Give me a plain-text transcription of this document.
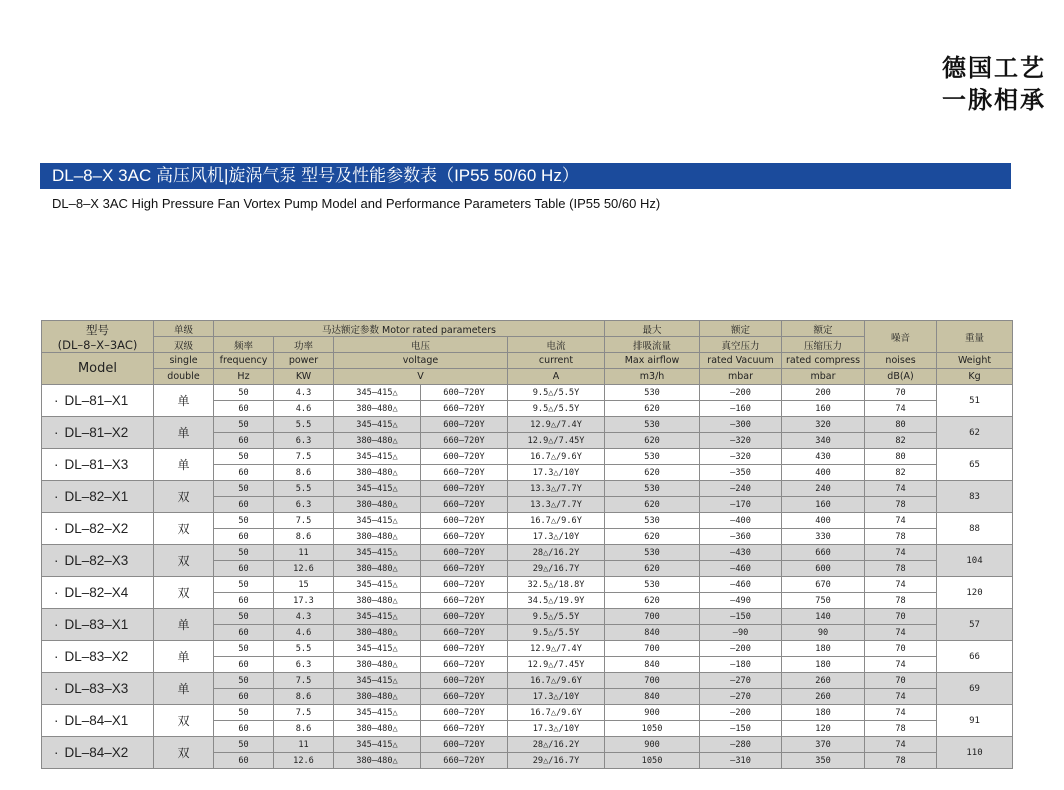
德国工艺
一脉相承
DL–8–X 3AC 高压风机|旋涡气泵 型号及性能参数表（IP55 50/60 Hz）
DL–8–X 3AC High Pressure Fan Vortex Pump Model and Performance Parameters Table (IP55 50/60 Hz)
型号
(DL–8–X–3AC)	单级	马达额定参数 Motor rated parameters					最大	额定	额定	噪音	重量
	双级	频率	功率	电压		电流	排吸流量	真空压力	压缩压力		
Model	single	frequency	power	voltage		current	Max airflow	rated Vacuum	rated compress	noises	Weight
	double	Hz	KW	V		A	m3/h	mbar	mbar	dB(A)	Kg
· DL–81–X1	单	50	4.3	345–415△	600–720Y	9.5△/5.5Y	530	–200	200	70	51
		60	4.6	380–480△	660–720Y	9.5△/5.5Y	620	–160	160	74	
· DL–81–X2	单	50	5.5	345–415△	600–720Y	12.9△/7.4Y	530	–300	320	80	62
		60	6.3	380–480△	660–720Y	12.9△/7.45Y	620	–320	340	82	
· DL–81–X3	单	50	7.5	345–415△	600–720Y	16.7△/9.6Y	530	–320	430	80	65
		60	8.6	380–480△	660–720Y	17.3△/10Y	620	–350	400	82	
· DL–82–X1	双	50	5.5	345–415△	600–720Y	13.3△/7.7Y	530	–240	240	74	83
		60	6.3	380–480△	660–720Y	13.3△/7.7Y	620	–170	160	78	
· DL–82–X2	双	50	7.5	345–415△	600–720Y	16.7△/9.6Y	530	–400	400	74	88
		60	8.6	380–480△	660–720Y	17.3△/10Y	620	–360	330	78	
· DL–82–X3	双	50	11	345–415△	600–720Y	28△/16.2Y	530	–430	660	74	104
		60	12.6	380–480△	660–720Y	29△/16.7Y	620	–460	600	78	
· DL–82–X4	双	50	15	345–415△	600–720Y	32.5△/18.8Y	530	–460	670	74	120
		60	17.3	380–480△	660–720Y	34.5△/19.9Y	620	–490	750	78	
· DL–83–X1	单	50	4.3	345–415△	600–720Y	9.5△/5.5Y	700	–150	140	70	57
		60	4.6	380–480△	660–720Y	9.5△/5.5Y	840	–90	90	74	
· DL–83–X2	单	50	5.5	345–415△	600–720Y	12.9△/7.4Y	700	–200	180	70	66
		60	6.3	380–480△	660–720Y	12.9△/7.45Y	840	–180	180	74	
· DL–83–X3	单	50	7.5	345–415△	600–720Y	16.7△/9.6Y	700	–270	260	70	69
		60	8.6	380–480△	660–720Y	17.3△/10Y	840	–270	260	74	
· DL–84–X1	双	50	7.5	345–415△	600–720Y	16.7△/9.6Y	900	–200	180	74	91
		60	8.6	380–480△	660–720Y	17.3△/10Y	1050	–150	120	78	
· DL–84–X2	双	50	11	345–415△	600–720Y	28△/16.2Y	900	–280	370	74	110
		60	12.6	380–480△	660–720Y	29△/16.7Y	1050	–310	350	78	
